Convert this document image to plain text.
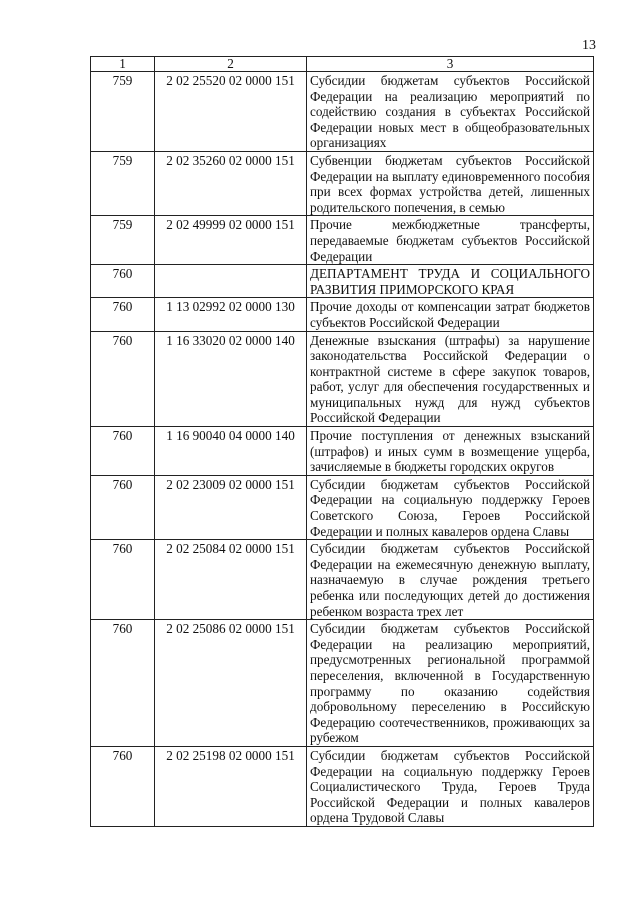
13
1	2	3
759	2 02 25520 02 0000 151	Субсидии бюджетам субъектов Российской Федерации на реализацию мероприятий по содействию создания в субъектах Российской Федерации новых мест в общеобразовательных организациях
759	2 02 35260 02 0000 151	Субвенции бюджетам субъектов Российской Федерации на выплату единовременного пособия при всех формах устройства детей, лишенных родительского попечения, в семью
759	2 02 49999 02 0000 151	Прочие межбюджетные трансферты, передаваемые бюджетам субъектов Российской Федерации
760		ДЕПАРТАМЕНТ ТРУДА И СОЦИАЛЬНОГО РАЗВИТИЯ ПРИМОРСКОГО КРАЯ
760	1 13 02992 02 0000 130	Прочие доходы от компенсации затрат бюджетов субъектов Российской Федерации
760	1 16 33020 02 0000 140	Денежные взыскания (штрафы) за нарушение законодательства Российской Федерации о контрактной системе в сфере закупок товаров, работ, услуг для обеспечения государственных и муниципальных нужд для нужд субъектов Российской Федерации
760	1 16 90040 04 0000 140	Прочие поступления от денежных взысканий (штрафов) и иных сумм в возмещение ущерба, зачисляемые в бюджеты городских округов
760	2 02 23009 02 0000 151	Субсидии бюджетам субъектов Российской Федерации на социальную поддержку Героев Советского Союза, Героев Российской Федерации и полных кавалеров ордена Славы
760	2 02 25084 02 0000 151	Субсидии бюджетам субъектов Российской Федерации на ежемесячную денежную выплату, назначаемую в случае рождения третьего ребенка или последующих детей до достижения ребенком возраста трех лет
760	2 02 25086 02 0000 151	Субсидии бюджетам субъектов Российской Федерации на реализацию мероприятий, предусмотренных региональной программой переселения, включенной в Государственную программу по оказанию содействия добровольному переселению в Российскую Федерацию соотечественников, проживающих за рубежом
760	2 02 25198 02 0000 151	Субсидии бюджетам субъектов Российской Федерации на социальную поддержку Героев Социалистического Труда, Героев Труда Российской Федерации и полных кавалеров ордена Трудовой Славы
